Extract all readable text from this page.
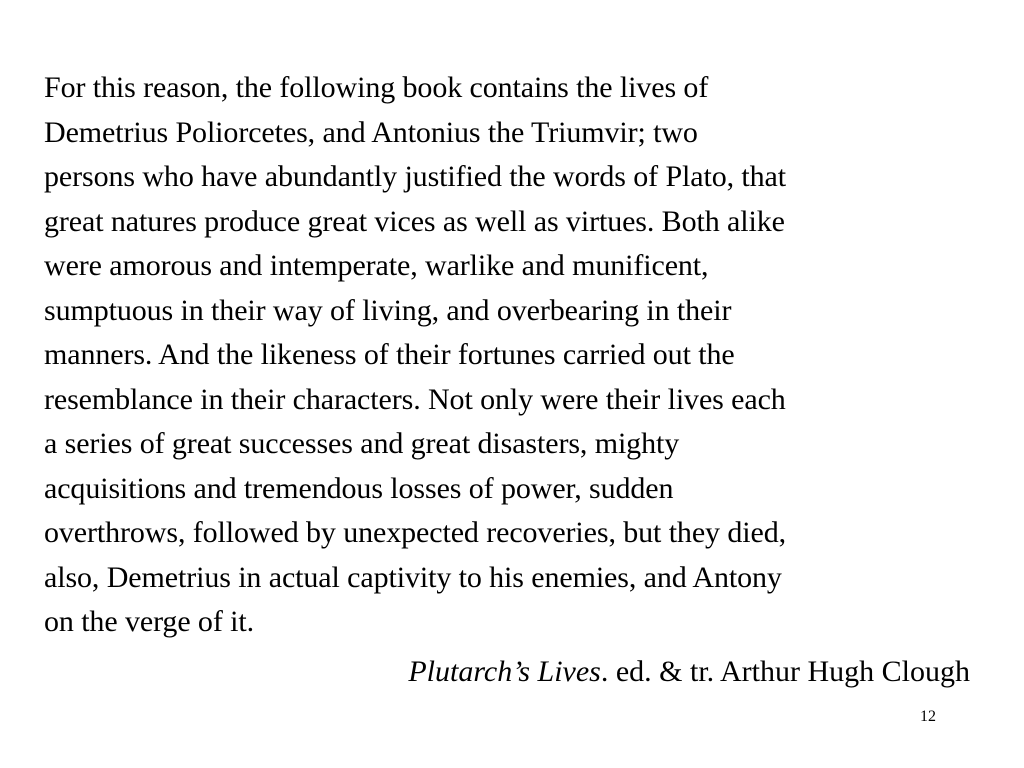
For this reason, the following book contains the lives of
Demetrius Poliorcetes, and Antonius the Triumvir; two
persons who have abundantly justified the words of Plato, that
great natures produce great vices as well as virtues. Both alike
were amorous and intemperate, warlike and munificent,
sumptuous in their way of living, and overbearing in their
manners. And the likeness of their fortunes carried out the
resemblance in their characters. Not only were their lives each
a series of great successes and great disasters, mighty
acquisitions and tremendous losses of power, sudden
overthrows, followed by unexpected recoveries, but they died,
also, Demetrius in actual captivity to his enemies, and Antony
on the verge of it.

Plutarch’s Lives. ed. & tr. Arthur Hugh Clough

12
